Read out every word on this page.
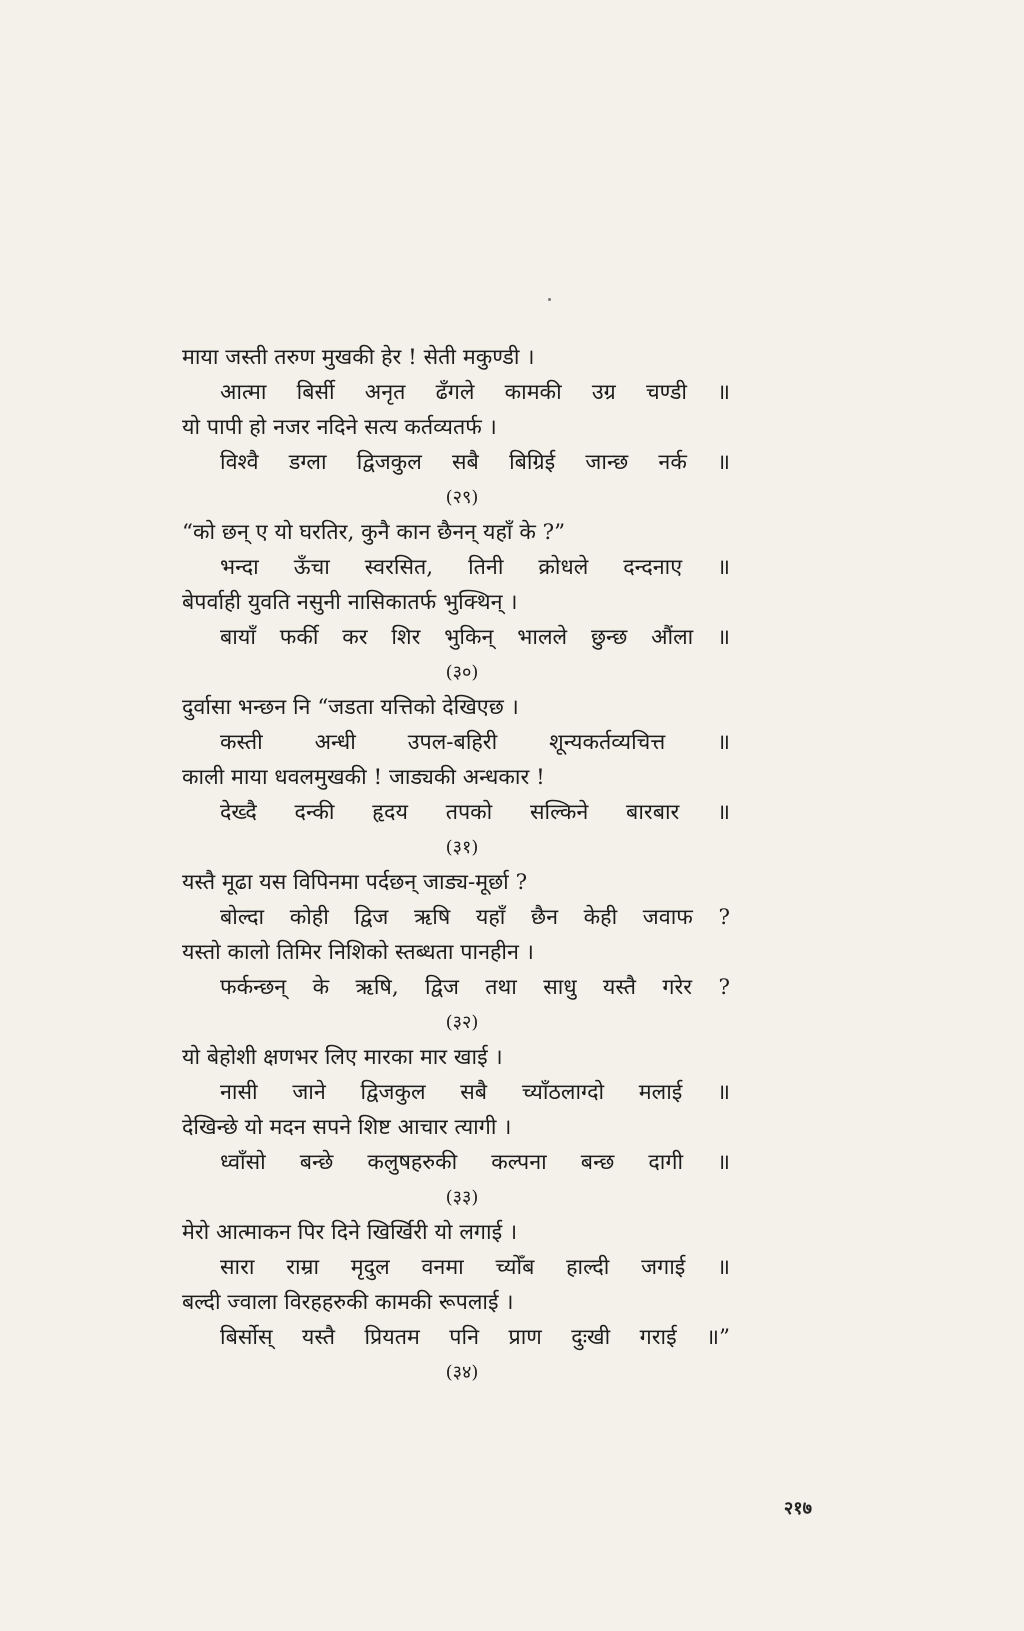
माया जस्ती तरुण मुखकी हेर ! सेती मकुण्डी ।
आत्मा बिर्सी अनृत ढँगले कामकी उग्र चण्डी ॥
यो पापी हो नजर नदिने सत्य कर्तव्यतर्फ ।
विश्वै डग्ला द्विजकुल सबै बिग्रिई जान्छ नर्क ॥
(२९)
“को छन् ए यो घरतिर, कुनै कान छैनन् यहाँ के ?”
भन्दा ऊँचा स्वरसित, तिनी क्रोधले दन्दनाए ॥
बेपर्वाही युवति नसुनी नासिकातर्फ भुक्थिन् ।
बायाँ फर्की कर शिर भुकिन् भालले छुन्छ औंला ॥
(३०)
दुर्वासा भन्छन नि “जडता यत्तिको देखिएछ ।
कस्ती अन्धी उपल-बहिरी शून्यकर्तव्यचित्त ॥
काली माया धवलमुखकी ! जाड्यकी अन्धकार !
देख्दै दन्की हृदय तपको सल्किने बारबार ॥
(३१)
यस्तै मूढा यस विपिनमा पर्दछन् जाड्य-मूर्छा ?
बोल्दा कोही द्विज ऋषि यहाँ छैन केही जवाफ ?
यस्तो कालो तिमिर निशिको स्तब्धता पानहीन ।
फर्कन्छन् के ऋषि, द्विज तथा साधु यस्तै गरेर ?
(३२)
यो बेहोशी क्षणभर लिए मारका मार खाई ।
नासी जाने द्विजकुल सबै च्याँठलाग्दो मलाई ॥
देखिन्छे यो मदन सपने शिष्ट आचार त्यागी ।
ध्वाँसो बन्छे कलुषहरुकी कल्पना बन्छ दागी ॥
(३३)
मेरो आत्माकन पिर दिने खिर्खिरी यो लगाई ।
सारा राम्रा मृदुल वनमा च्योँब हाल्दी जगाई ॥
बल्दी ज्वाला विरहहरुकी कामकी रूपलाई ।
बिर्सोस् यस्तै प्रियतम पनि प्राण दुःखी गराई ॥”
(३४)
२१७
